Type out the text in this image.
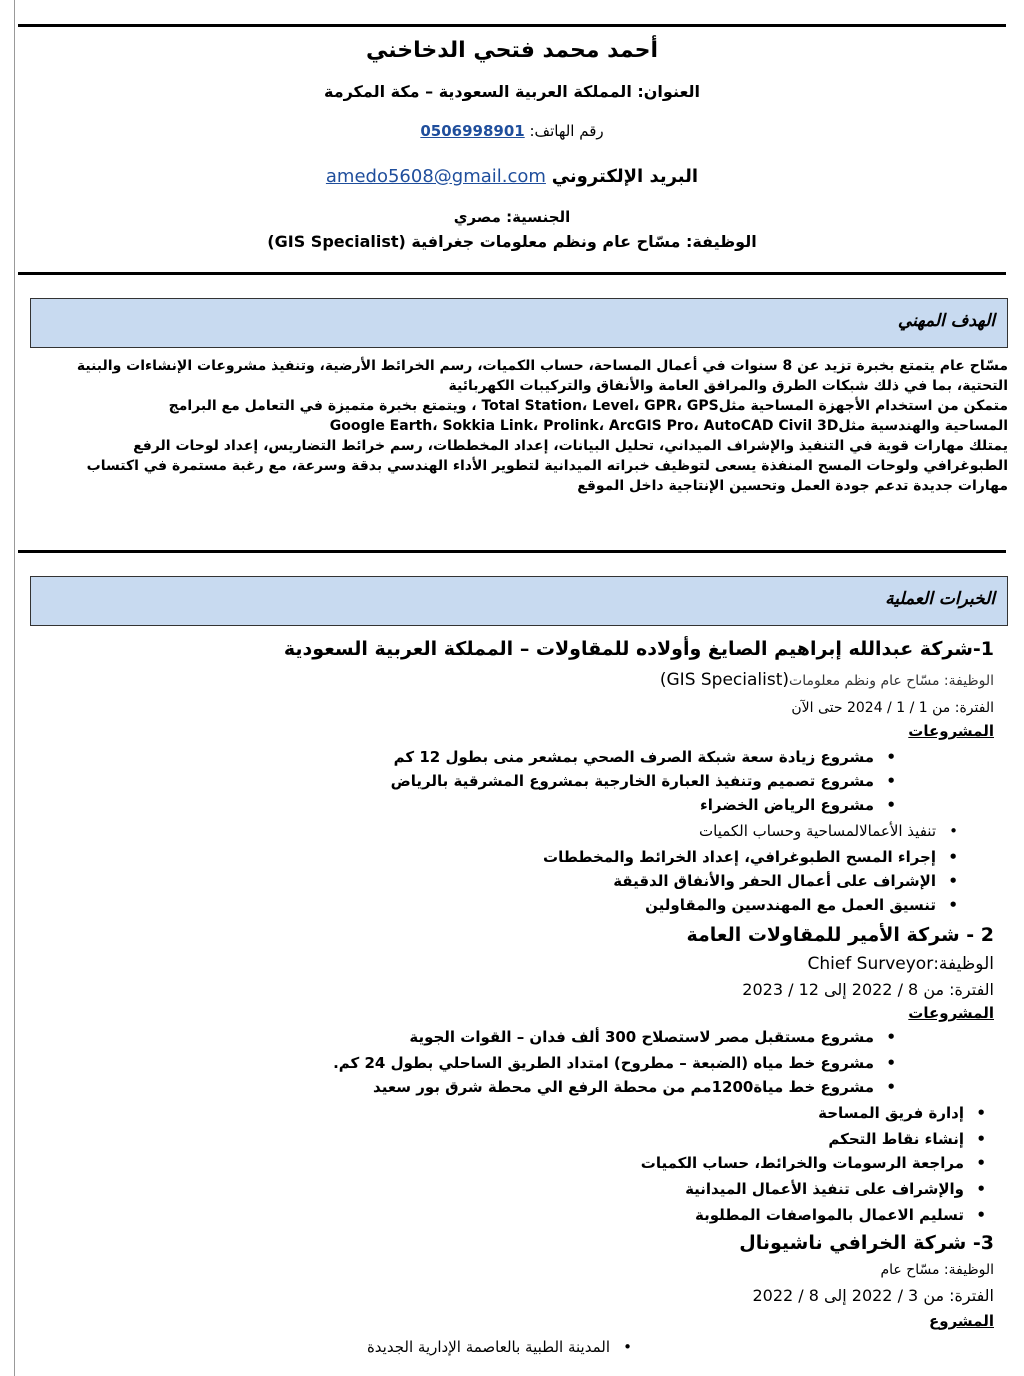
أحمد محمد فتحي الدخاخني
العنوان: المملكة العربية السعودية – مكة المكرمة
رقم الهاتف: 0506998901
البريد الإلكتروني amedo5608@gmail.com
الجنسية: مصري
الوظيفة: مسّاح عام ونظم معلومات جغرافية (GIS Specialist)
الهدف المهني

مسّاح عام يتمتع بخبرة تزيد عن 8 سنوات في أعمال المساحة، حساب الكميات، رسم الخرائط الأرضية، وتنفيذ مشروعات الإنشاءات والبنية

التحتية، بما في ذلك شبكات الطرق والمرافق العامة والأنفاق والتركيبات الكهربائية

متمكن من استخدام الأجهزة المساحية مثلTotal Station، Level، GPR، GPS ، ويتمتع بخبرة متميزة في التعامل مع البرامج

المساحية والهندسية مثلGoogle Earth، Sokkia Link، Prolink، ArcGIS Pro، AutoCAD Civil 3D

يمتلك مهارات قوية في التنفيذ والإشراف الميداني، تحليل البيانات، إعداد المخططات، رسم خرائط التضاريس، إعداد لوحات الرفع

الطبوغرافي ولوحات المسح المنفذة يسعى لتوظيف خبراته الميدانية لتطوير الأداء الهندسي بدقة وسرعة، مع رغبة مستمرة في اكتساب

مهارات جديدة تدعم جودة العمل وتحسين الإنتاجية داخل الموقع

الخبرات العملية
1-شركة عبدالله إبراهيم الصايغ وأولاده للمقاولات – المملكة العربية السعودية
الوظيفة: مسّاح عام ونظم معلومات(GIS Specialist)
الفترة: من 1 / 1 / 2024 حتى الآن
المشروعات
• مشروع زيادة سعة شبكة الصرف الصحي بمشعر منى بطول 12 كم
• مشروع تصميم وتنفيذ العبارة الخارجية بمشروع المشرقية بالرياض
• مشروع الرياض الخضراء
• تنفيذ الأعمالالمساحية وحساب الكميات
• إجراء المسح الطبوغرافي، إعداد الخرائط والمخططات
• الإشراف على أعمال الحفر والأنفاق الدقيقة
• تنسيق العمل مع المهندسين والمقاولين
2 - شركة الأمير للمقاولات العامة
الوظيفة:Chief Surveyor
الفترة: من 8 / 2022 إلى 12 / 2023
المشروعات
• مشروع مستقبل مصر لاستصلاح 300 ألف فدان – القوات الجوية
• مشروع خط مياه (الضبعة – مطروح) امتداد الطريق الساحلي بطول 24 كم.
• مشروع خط مياة1200مم من محطة الرفع الي محطة شرق بور سعيد
• إدارة فريق المساحة
• إنشاء نقاط التحكم
• مراجعة الرسومات والخرائط، حساب الكميات
• والإشراف على تنفيذ الأعمال الميدانية
• تسليم الاعمال بالمواصفات المطلوبة
3- شركة الخرافي ناشيونال
الوظيفة: مسّاح عام
الفترة: من 3 / 2022 إلى 8 / 2022
المشروع
• المدينة الطبية بالعاصمة الإدارية الجديدة
